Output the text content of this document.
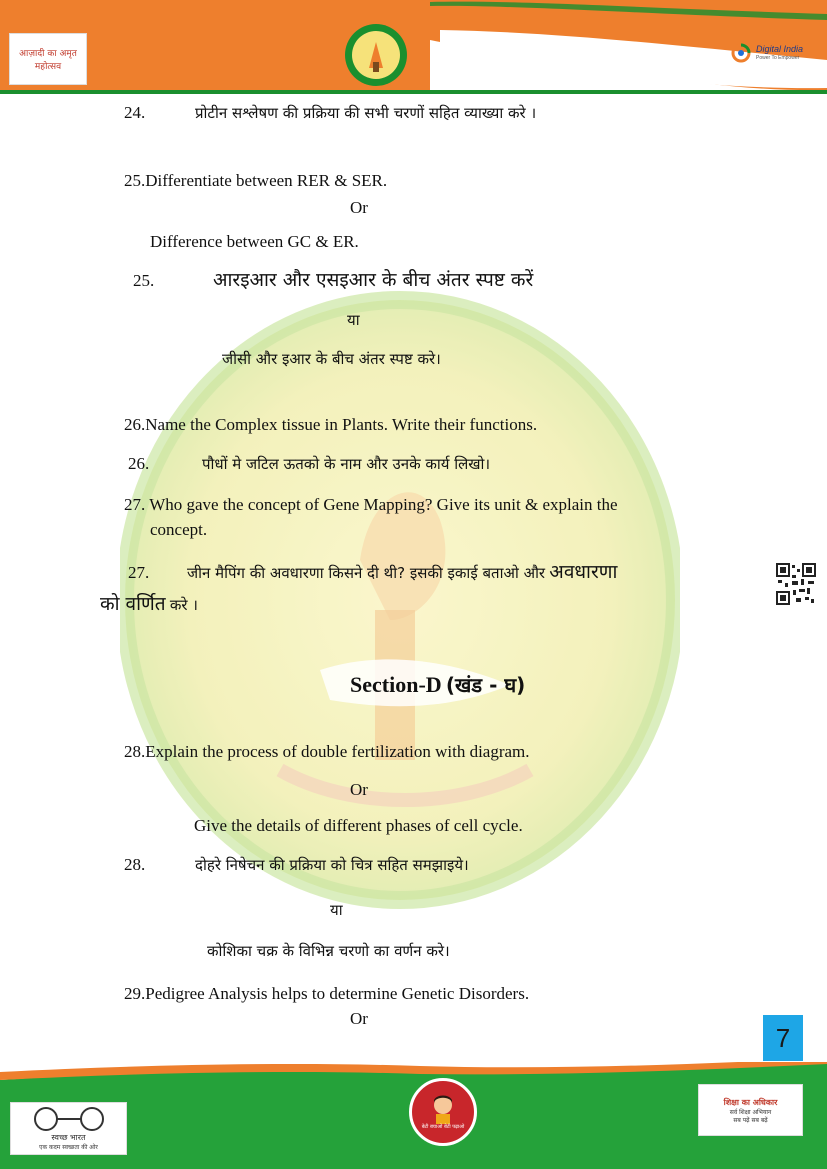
आज़ादी का अमृत महोत्सव
Digital India
Power To Empower
24.	प्रोटीन सश्लेषण की प्रक्रिया की सभी चरणों सहित व्याख्या करे ।
25.Differentiate between RER & SER.
Or
Difference between GC & ER.
25.	आरइआर और एसइआर के बीच अंतर स्पष्ट करें
या
जीसी और इआर के बीच अंतर स्पष्ट करे।
26.Name the Complex tissue in Plants. Write their functions.
26.	पौधों मे जटिल ऊतको के नाम और उनके कार्य लिखो।
27. Who gave the concept of Gene Mapping? Give its unit & explain the
concept.
27.	जीन मैपिंग की अवधारणा किसने दी थी? इसकी इकाई बताओ और अवधारणा
को वर्णित करे ।
Section-D (खंड - घ)
28.Explain the process of double fertilization with diagram.
Or
Give the details of different phases of cell cycle.
28.	दोहरे निषेचन की प्रक्रिया को चित्र सहित समझाइये।
या
कोशिका चक्र के विभिन्न चरणो का वर्णन करे।
29.Pedigree Analysis helps to determine Genetic Disorders.
Or
7
स्वच्छ भारत
एक कदम स्वच्छता की ओर
बेटी बचाओ बेटी पढ़ाओ
शिक्षा का अधिकार
सर्व शिक्षा अभियान
सब पढ़ें सब बढ़ें
